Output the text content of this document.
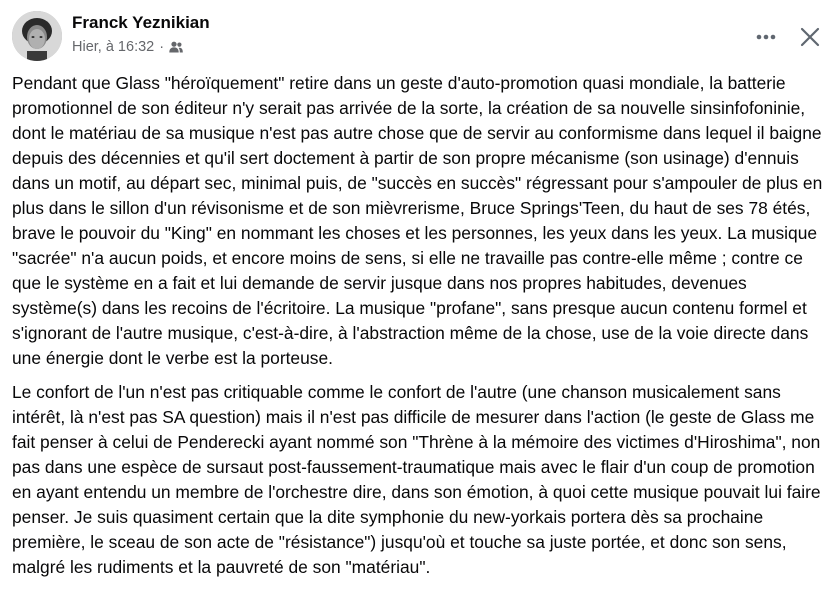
Franck Yeznikian
Hier, à 16:32 ·

Pendant que Glass "héroïquement" retire dans un geste d'auto-promotion quasi mondiale, la batterie promotionnel de son éditeur n'y serait pas arrivée de la sorte, la création de sa nouvelle sinsinfofoninie, dont le matériau de sa musique n'est pas autre chose que de servir au conformisme dans lequel il baigne depuis des décennies et qu'il sert doctement à partir de son propre mécanisme (son usinage) d'ennuis dans un motif, au départ sec, minimal puis, de "succès en succès" régressant pour s'ampouler de plus en plus dans le sillon d'un révisonisme et de son mièvrerisme, Bruce Springs'Teen, du haut de ses 78 étés, brave le pouvoir du "King" en nommant les choses et les personnes, les yeux dans les yeux. La musique "sacrée" n'a aucun poids, et encore moins de sens, si elle ne travaille pas contre-elle même ; contre ce que le système en a fait et lui demande de servir jusque dans nos propres habitudes, devenues système(s) dans les recoins de l'écritoire. La musique "profane", sans presque aucun contenu formel et s'ignorant de l'autre musique, c'est-à-dire, à l'abstraction même de la chose, use de la voie directe dans une énergie dont le verbe est la porteuse.

Le confort de l'un n'est pas critiquable comme le confort de l'autre (une chanson musicalement sans intérêt, là n'est pas SA question) mais il n'est pas difficile de mesurer dans l'action (le geste de Glass me fait penser à celui de Penderecki ayant nommé son "Thrène à la mémoire des victimes d'Hiroshima", non pas dans une espèce de sursaut post-faussement-traumatique mais avec le flair d'un coup de promotion en ayant entendu un membre de l'orchestre dire, dans son émotion, à quoi cette musique pouvait lui faire penser. Je suis quasiment certain que la dite symphonie du new-yorkais portera dès sa prochaine première, le sceau de son acte de "résistance") jusqu'où et touche sa juste portée, et donc son sens, malgré les rudiments et la pauvreté de son "matériau".
